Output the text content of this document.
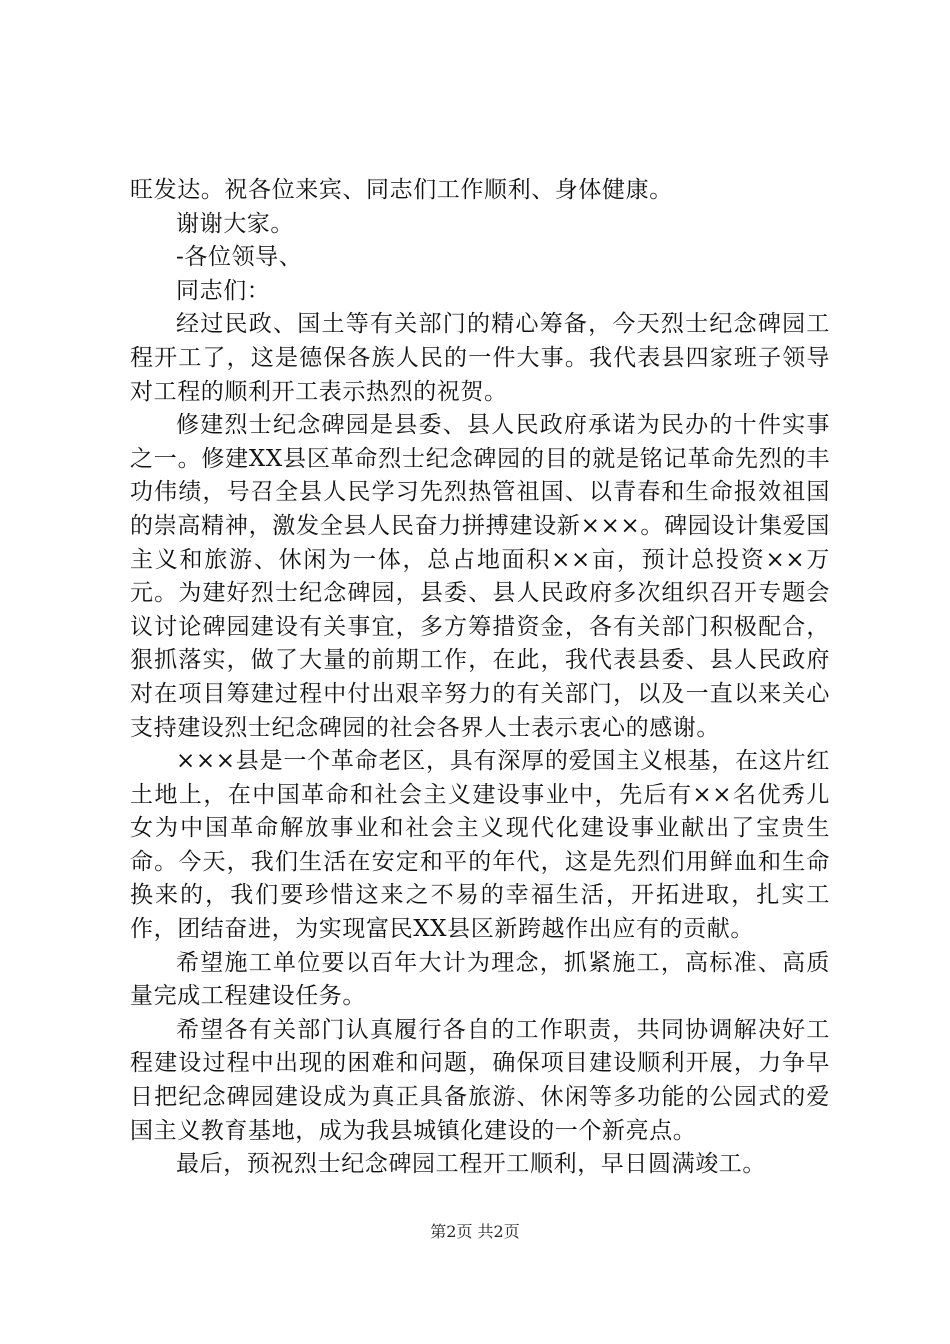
旺发达。祝各位来宾、同志们工作顺利、身体健康。

谢谢大家。

-各位领导、

同志们：

经过民政、国土等有关部门的精心筹备，今天烈士纪念碑园工程开工了，这是德保各族人民的一件大事。我代表县四家班子领导对工程的顺利开工表示热烈的祝贺。

修建烈士纪念碑园是县委、县人民政府承诺为民办的十件实事之一。修建XX县区革命烈士纪念碑园的目的就是铭记革命先烈的丰功伟绩，号召全县人民学习先烈热管祖国、以青春和生命报效祖国的崇高精神，激发全县人民奋力拼搏建设新×××。碑园设计集爱国主义和旅游、休闲为一体，总占地面积××亩，预计总投资××万元。为建好烈士纪念碑园，县委、县人民政府多次组织召开专题会议讨论碑园建设有关事宜，多方筹措资金，各有关部门积极配合，狠抓落实，做了大量的前期工作，在此，我代表县委、县人民政府对在项目筹建过程中付出艰辛努力的有关部门，以及一直以来关心支持建设烈士纪念碑园的社会各界人士表示衷心的感谢。

×××县是一个革命老区，具有深厚的爱国主义根基，在这片红土地上，在中国革命和社会主义建设事业中，先后有××名优秀儿女为中国革命解放事业和社会主义现代化建设事业献出了宝贵生命。今天，我们生活在安定和平的年代，这是先烈们用鲜血和生命换来的，我们要珍惜这来之不易的幸福生活，开拓进取，扎实工作，团结奋进，为实现富民XX县区新跨越作出应有的贡献。

希望施工单位要以百年大计为理念，抓紧施工，高标准、高质量完成工程建设任务。

希望各有关部门认真履行各自的工作职责，共同协调解决好工程建设过程中出现的困难和问题，确保项目建设顺利开展，力争早日把纪念碑园建设成为真正具备旅游、休闲等多功能的公园式的爱国主义教育基地，成为我县城镇化建设的一个新亮点。

最后，预祝烈士纪念碑园工程开工顺利，早日圆满竣工。

第2页 共2页
